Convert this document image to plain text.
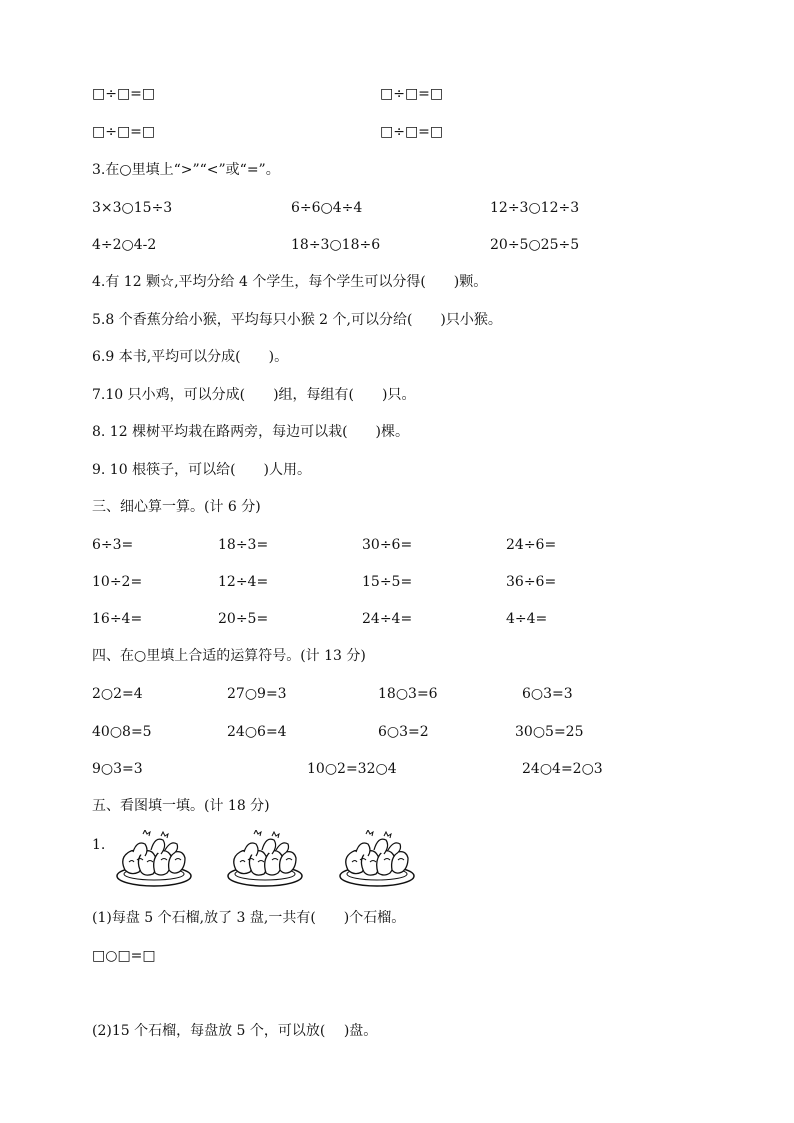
□÷□=□	□÷□=□
□÷□=□	□÷□=□
3.在○里填上“>”“<”或“=”。
3×3○15÷3	6÷6○4÷4	12÷3○12÷3
4÷2○4-2	18÷3○18÷6	20÷5○25÷5
4.有 12 颗☆,平均分给 4 个学生，每个学生可以分得(　　)颗。
5.8 个香蕉分给小猴，平均每只小猴 2 个,可以分给(　　)只小猴。
6.9 本书,平均可以分成(　　)。
7.10 只小鸡，可以分成(　　)组，每组有(　　)只。
8. 12 棵树平均栽在路两旁，每边可以栽(　　)棵。
9. 10 根筷子，可以给(　　)人用。
三、细心算一算。(计 6 分)
6÷3=	18÷3=	30÷6=	24÷6=
10÷2=	12÷4=	15÷5=	36÷6=
16÷4=	20÷5=	24÷4=	4÷4=
四、在○里填上合适的运算符号。(计 13 分)
2○2=4	27○9=3	18○3=6	6○3=3
40○8=5	24○6=4	6○3=2	30○5=25
9○3=3	10○2=32○4	24○4=2○3
五、看图填一填。(计 18 分)
1.
(1)每盘 5 个石榴,放了 3 盘,一共有(　　)个石榴。
□○□=□
(2)15 个石榴，每盘放 5 个，可以放(　 )盘。
